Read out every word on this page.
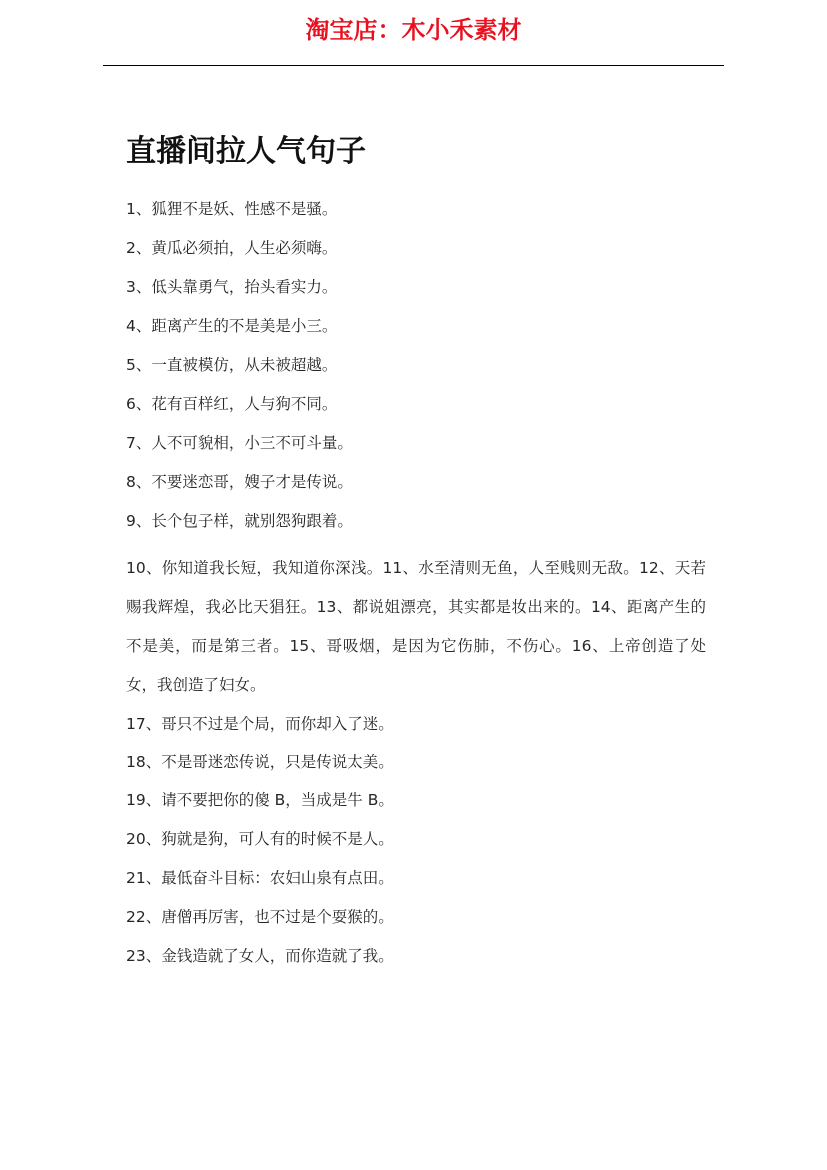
淘宝店：木小禾素材
直播间拉人气句子
1、狐狸不是妖、性感不是骚。
2、黄瓜必须拍，人生必须嗨。
3、低头靠勇气，抬头看实力。
4、距离产生的不是美是小三。
5、一直被模仿，从未被超越。
6、花有百样红，人与狗不同。
7、人不可貌相，小三不可斗量。
8、不要迷恋哥，嫂子才是传说。
9、长个包子样，就别怨狗跟着。
10、你知道我长短，我知道你深浅。11、水至清则无鱼，人至贱则无敌。12、天若赐我辉煌，我必比天猖狂。13、都说姐漂亮，其实都是妆出来的。14、距离产生的不是美，而是第三者。15、哥吸烟，是因为它伤肺，不伤心。16、上帝创造了处女，我创造了妇女。
17、哥只不过是个局，而你却入了迷。
18、不是哥迷恋传说，只是传说太美。
19、请不要把你的傻 B，当成是牛 B。
20、狗就是狗，可人有的时候不是人。
21、最低奋斗目标：农妇山泉有点田。
22、唐僧再厉害，也不过是个耍猴的。
23、金钱造就了女人，而你造就了我。
